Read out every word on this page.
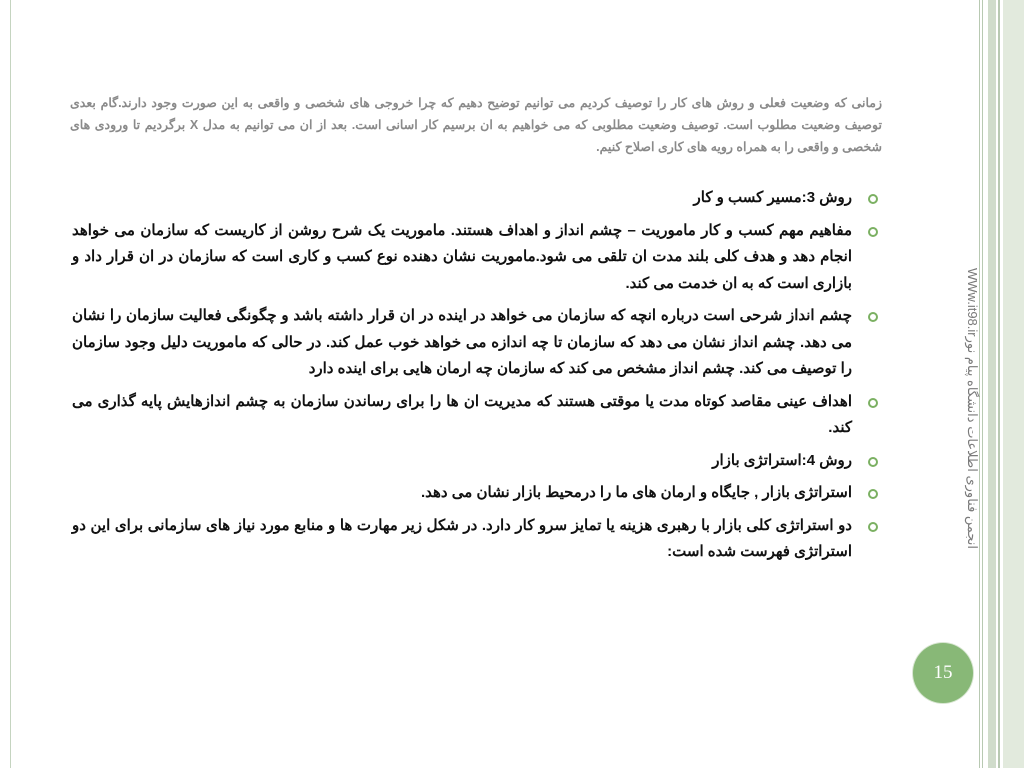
زمانی که وضعیت فعلی و روش های کار را توصیف کردیم می توانیم توضیح دهیم که چرا خروجی های شخصی و واقعی به این صورت وجود دارند.گام بعدی توصیف وضعیت مطلوب است. توصیف وضعیت مطلوبی که می خواهیم به ان برسیم کار اسانی است. بعد از ان می توانیم به مدل X برگردیم تا ورودی های شخصی و واقعی را به همراه رویه های کاری اصلاح کنیم.
روش 3:مسیر کسب و کار
مفاهیم مهم کسب و کار ماموریت – چشم انداز و اهداف هستند. ماموریت یک شرح روشن از کاریست که سازمان می خواهد انجام دهد و هدف کلی بلند مدت ان تلقی می شود.ماموریت نشان دهنده نوع کسب و کاری است که سازمان در ان قرار داد و بازاری است که به ان خدمت می کند.
چشم انداز شرحی است درباره انچه که سازمان می خواهد در اینده در ان قرار داشته باشد و چگونگی فعالیت سازمان را نشان می دهد. چشم انداز نشان می دهد که سازمان تا چه اندازه می خواهد خوب عمل کند. در حالی که ماموریت دلیل وجود سازمان را توصیف می کند. چشم انداز مشخص می کند که سازمان چه ارمان هایی برای اینده دارد
اهداف عینی مقاصد کوتاه مدت یا موقتی هستند که مدیریت ان ها را برای رساندن سازمان به چشم اندازهایش پایه گذاری می کند.
روش 4:استراتژی بازار
استراتژی بازار , جایگاه و ارمان های ما را درمحیط بازار نشان می دهد.
دو استراتژی کلی بازار با رهبری هزینه یا تمایز سرو کار دارد. در شکل زیر مهارت ها و منابع مورد نیاز های سازمانی برای این دو استراتژی فهرست شده است:
WWw.it98.irانجمن فناوری اطلاعات دانشگاه پیام نور
15
